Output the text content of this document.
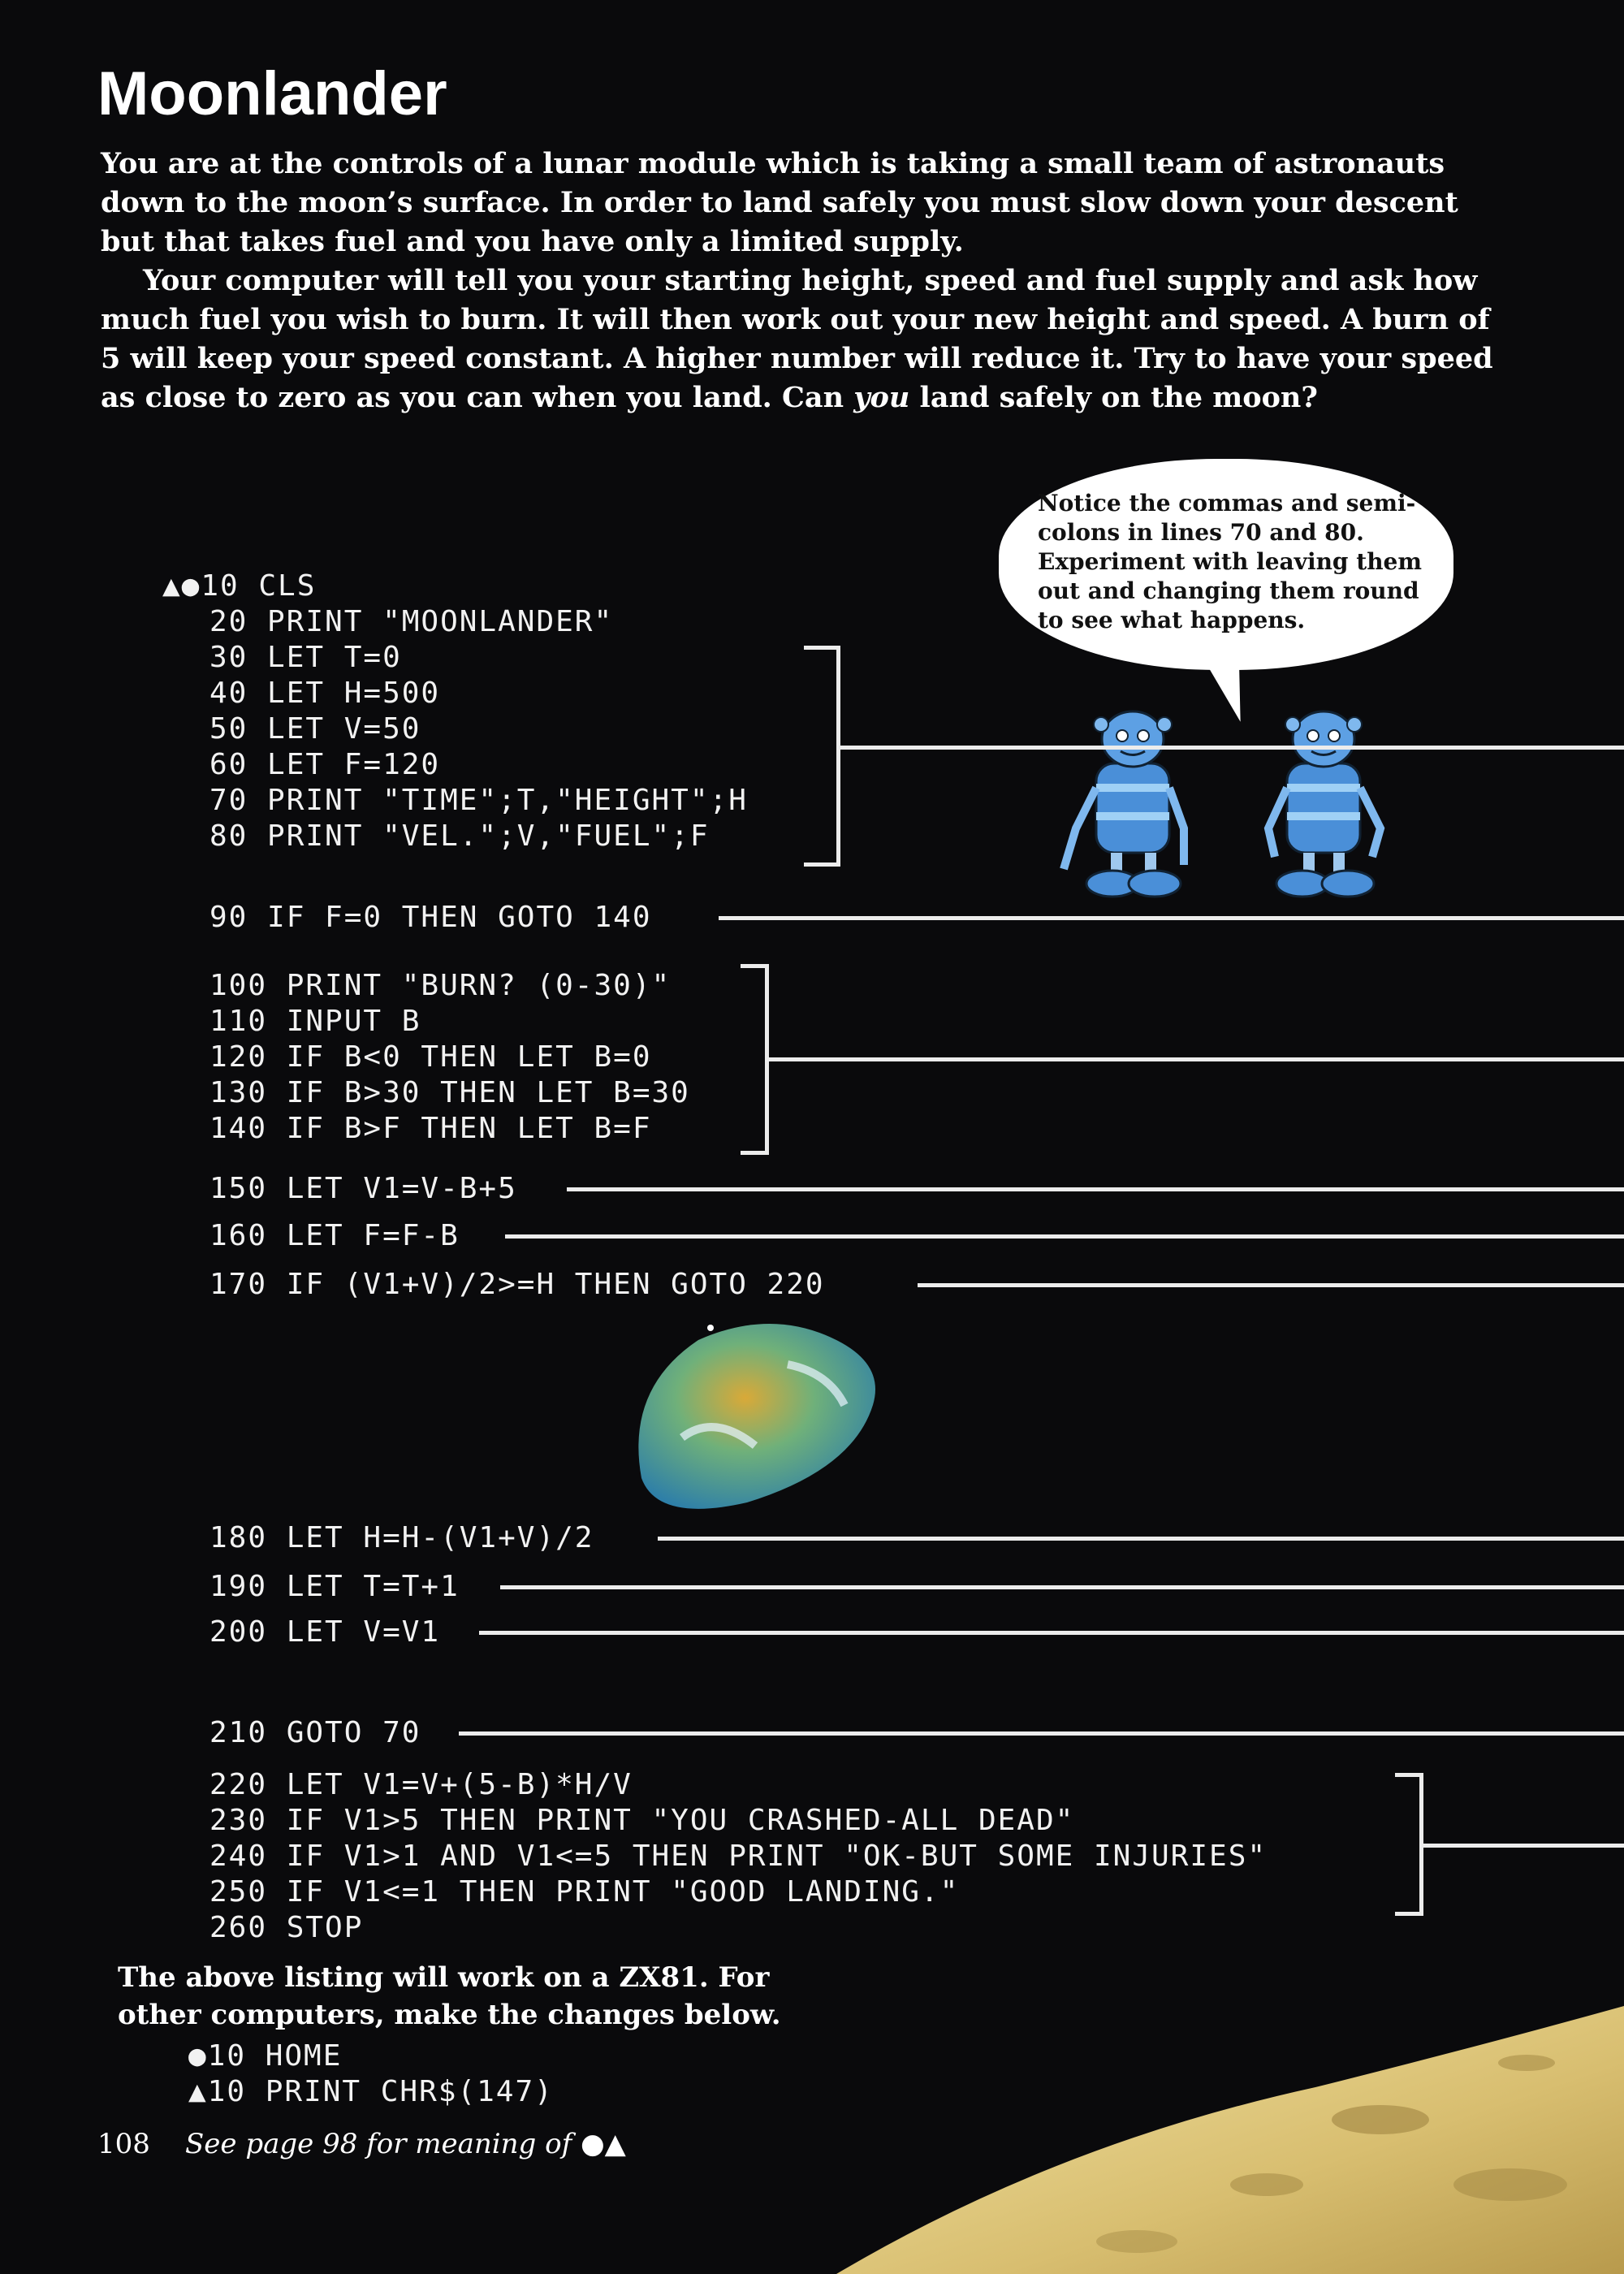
Moonlander

You are at the controls of a lunar module which is taking a small team of astronauts down to the moon’s surface. In order to land safely you must slow down your descent but that takes fuel and you have only a limited supply.

Your computer will tell you your starting height, speed and fuel supply and ask how much fuel you wish to burn. It will then work out your new height and speed. A burn of 5 will keep your speed constant. A higher number will reduce it. Try to have your speed as close to zero as you can when you land. Can you land safely on the moon?

Notice the commas and semi-colons in lines 70 and 80. Experiment with leaving them out and changing them round to see what happens.
▲●10 CLS
20 PRINT "MOONLANDER"
30 LET T=0
40 LET H=500
50 LET V=50
60 LET F=120
70 PRINT "TIME";T,"HEIGHT";H
80 PRINT "VEL.";V,"FUEL";F
90 IF F=0 THEN GOTO 140
100 PRINT "BURN? (0-30)"
110 INPUT B
120 IF B<0 THEN LET B=0
130 IF B>30 THEN LET B=30
140 IF B>F THEN LET B=F
150 LET V1=V-B+5
160 LET F=F-B
170 IF (V1+V)/2>=H THEN GOTO 220
180 LET H=H-(V1+V)/2
190 LET T=T+1
200 LET V=V1
210 GOTO 70
220 LET V1=V+(5-B)*H/V
230 IF V1>5 THEN PRINT "YOU CRASHED-ALL DEAD"
240 IF V1>1 AND V1<=5 THEN PRINT "OK-BUT SOME INJURIES"
250 IF V1<=1 THEN PRINT "GOOD LANDING."
260 STOP

The above listing will work on a ZX81. For

other computers, make the changes below.

●10 HOME
▲10 PRINT CHR$(147)
108 See page 98 for meaning of ●▲
